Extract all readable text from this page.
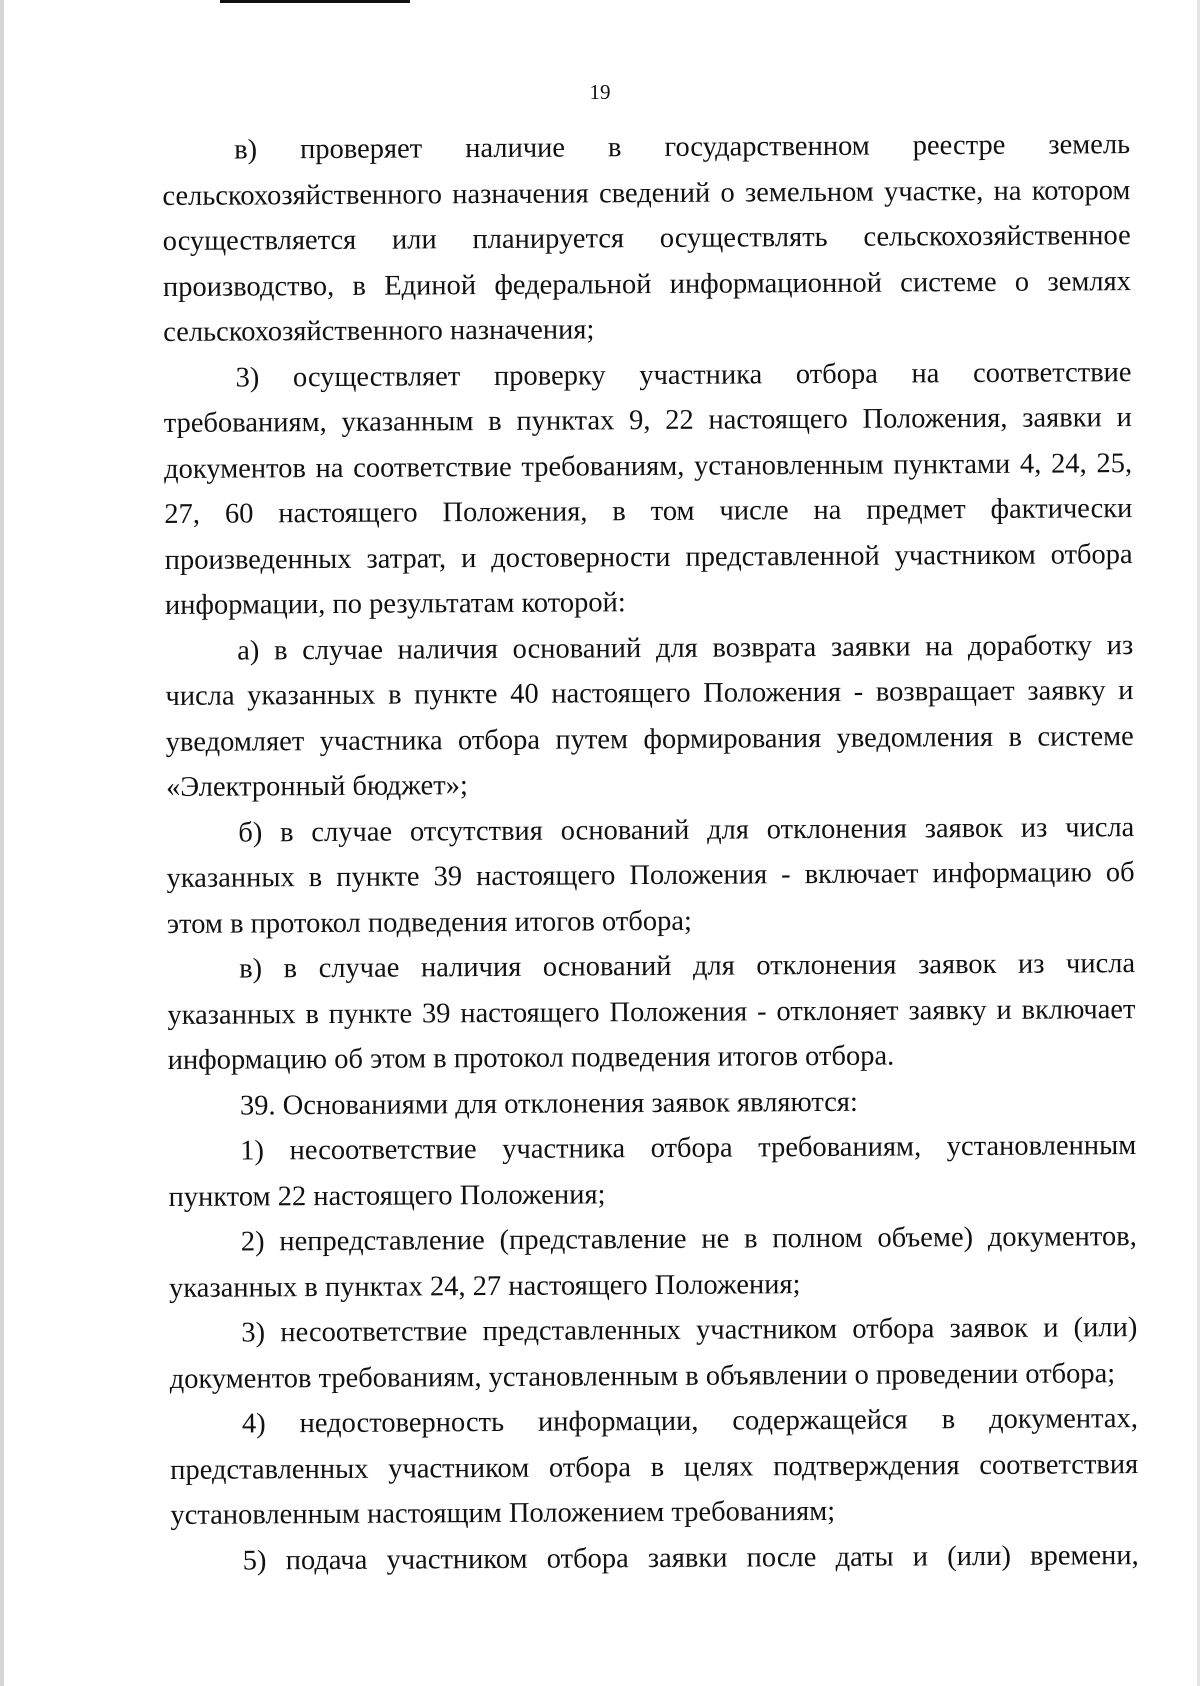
19

в) проверяет наличие в государственном реестре земель сельскохозяйственного назначения сведений о земельном участке, на котором осуществляется или планируется осуществлять сельскохозяйственное производство, в Единой федеральной информационной системе о землях сельскохозяйственного назначения;

3) осуществляет проверку участника отбора на соответствие требованиям, указанным в пунктах 9, 22 настоящего Положения, заявки и документов на соответствие требованиям, установленным пунктами 4, 24, 25, 27, 60 настоящего Положения, в том числе на предмет фактически произведенных затрат, и достоверности представленной участником отбора информации, по результатам которой:

а) в случае наличия оснований для возврата заявки на доработку из числа указанных в пункте 40 настоящего Положения - возвращает заявку и уведомляет участника отбора путем формирования уведомления в системе «Электронный бюджет»;

б) в случае отсутствия оснований для отклонения заявок из числа указанных в пункте 39 настоящего Положения - включает информацию об этом в протокол подведения итогов отбора;

в) в случае наличия оснований для отклонения заявок из числа указанных в пункте 39 настоящего Положения - отклоняет заявку и включает информацию об этом в протокол подведения итогов отбора.

39. Основаниями для отклонения заявок являются:

1) несоответствие участника отбора требованиям, установленным пунктом 22 настоящего Положения;

2) непредставление (представление не в полном объеме) документов, указанных в пунктах 24, 27 настоящего Положения;

3) несоответствие представленных участником отбора заявок и (или) документов требованиям, установленным в объявлении о проведении отбора;

4) недостоверность информации, содержащейся в документах, представленных участником отбора в целях подтверждения соответствия установленным настоящим Положением требованиям;

5) подача участником отбора заявки после даты и (или) времени,
